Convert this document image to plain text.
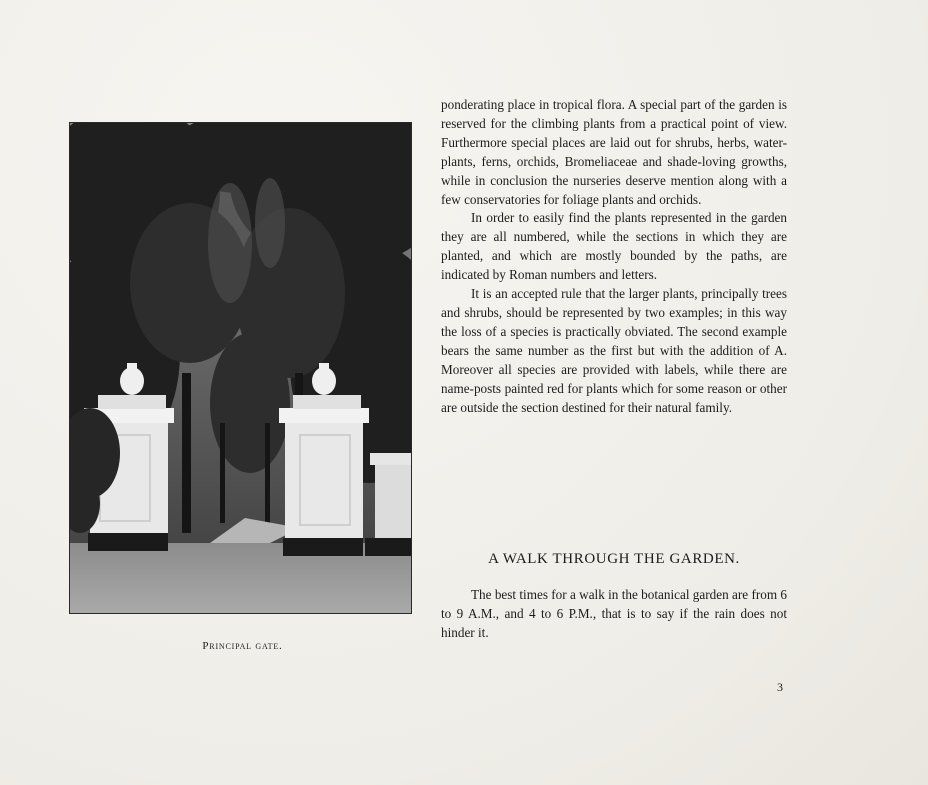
Principal gate.

ponderating place in tropical flora. A special part of the garden is reserved for the climbing plants from a practical point of view. Furthermore special places are laid out for shrubs, herbs, water-plants, ferns, orchids, Bromeliaceae and shade-loving growths, while in conclusion the nurseries deserve mention along with a few conservatories for foliage plants and orchids.

In order to easily find the plants represented in the garden they are all numbered, while the sections in which they are planted, and which are mostly bounded by the paths, are indicated by Roman numbers and letters.

It is an accepted rule that the larger plants, principally trees and shrubs, should be represented by two examples; in this way the loss of a species is practically obviated. The second example bears the same number as the first but with the addition of A. Moreover all species are provided with labels, while there are name-posts painted red for plants which for some reason or other are outside the section destined for their natural family.

A WALK THROUGH THE GARDEN.

The best times for a walk in the botanical garden are from 6 to 9 A.M., and 4 to 6 P.M., that is to say if the rain does not hinder it.

3
